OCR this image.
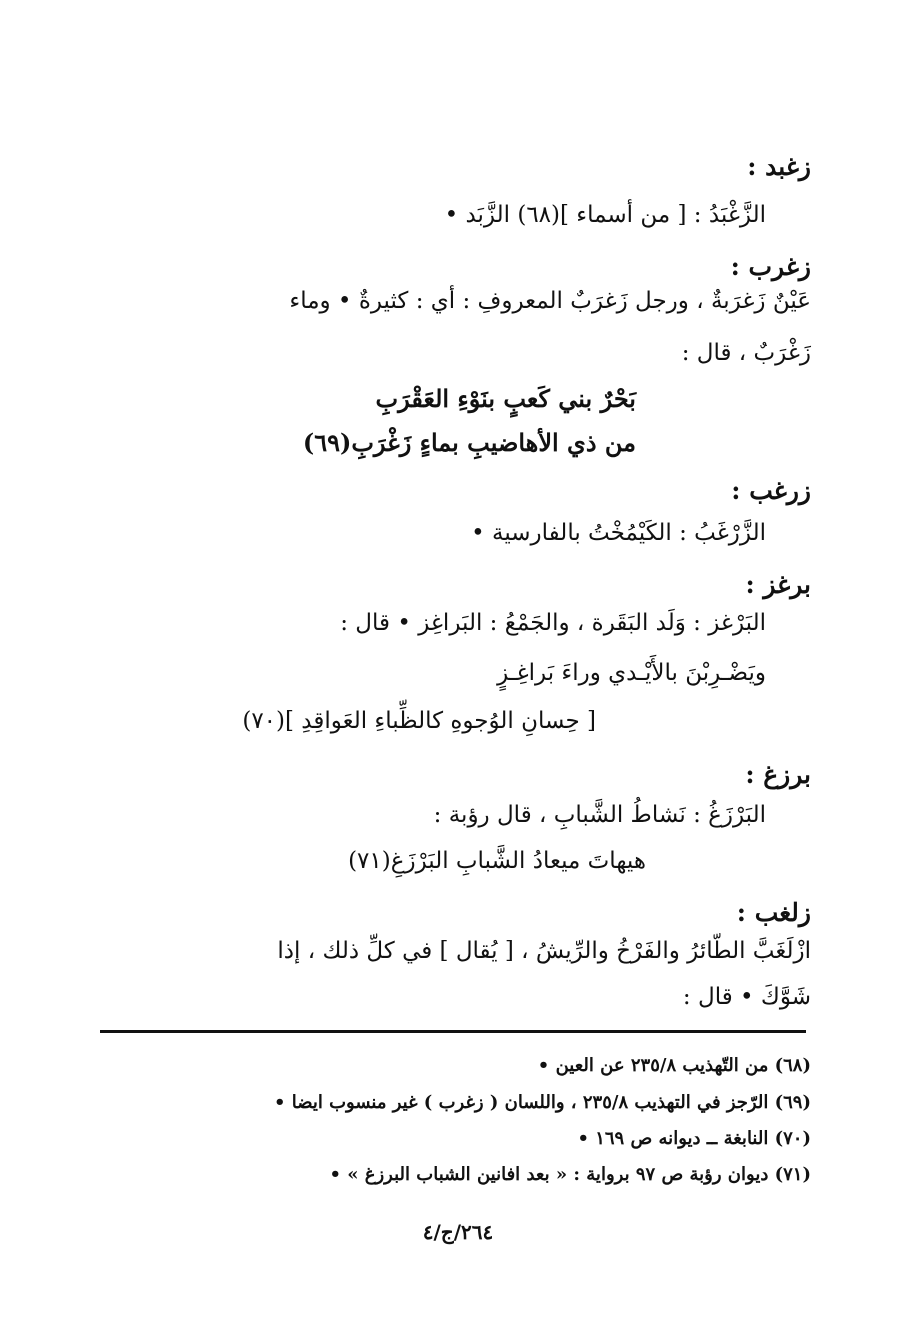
زغبد :
الزَّغْبَدُ : [ من أسماء ](٦٨) الزَّبَد •
زغرب :
عَيْنٌ زَغرَبةٌ ، ورجل زَغرَبٌ المعروفِ : أي : كثيرةٌ • وماء
زَغْرَبٌ ، قال :
بَحْرٌ بني كَعبٍ بنَوْءِ العَقْرَبِ
من ذي الأهاضيبِ بماءٍ زَغْرَبِ(٦٩)
زرغب :
الزَّرْغَبُ : الكَيْمُخْتُ بالفارسية •
برغز :
البَرْغز : وَلَد البَقَرة ، والجَمْعُ : البَراغِز • قال :
ويَضْـرِبْنَ بالأَيْـدي وراءَ بَراغِـزٍ
[ حِسانِ الوُجوهِ كالظِّباءِ العَواقِدِ ](٧٠)
برزغ :
البَرْزَغُ : نَشاطُ الشَّبابِ ، قال رؤبة :
هيهاتَ ميعادُ الشَّبابِ البَرْزَغِ(٧١)
زلغب :
ازْلَغَبَّ الطّائرُ والفَرْخُ والرِّيشُ ، [ يُقال ] في كلِّ ذلك ، إذا
شَوَّكَ • قال :
(٦٨) من التّهذيب ٢٣٥/٨ عن العين •
(٦٩) الرّجز في التهذيب ٢٣٥/٨ ، واللسان ( زغرب ) غير منسوب ايضا •
(٧٠) النابغة ــ ديوانه ص ١٦٩ •
(٧١) ديوان رؤبة ص ٩٧ برواية : « بعد افانين الشباب البرزغ » •
٢٦٤/ج/٤
